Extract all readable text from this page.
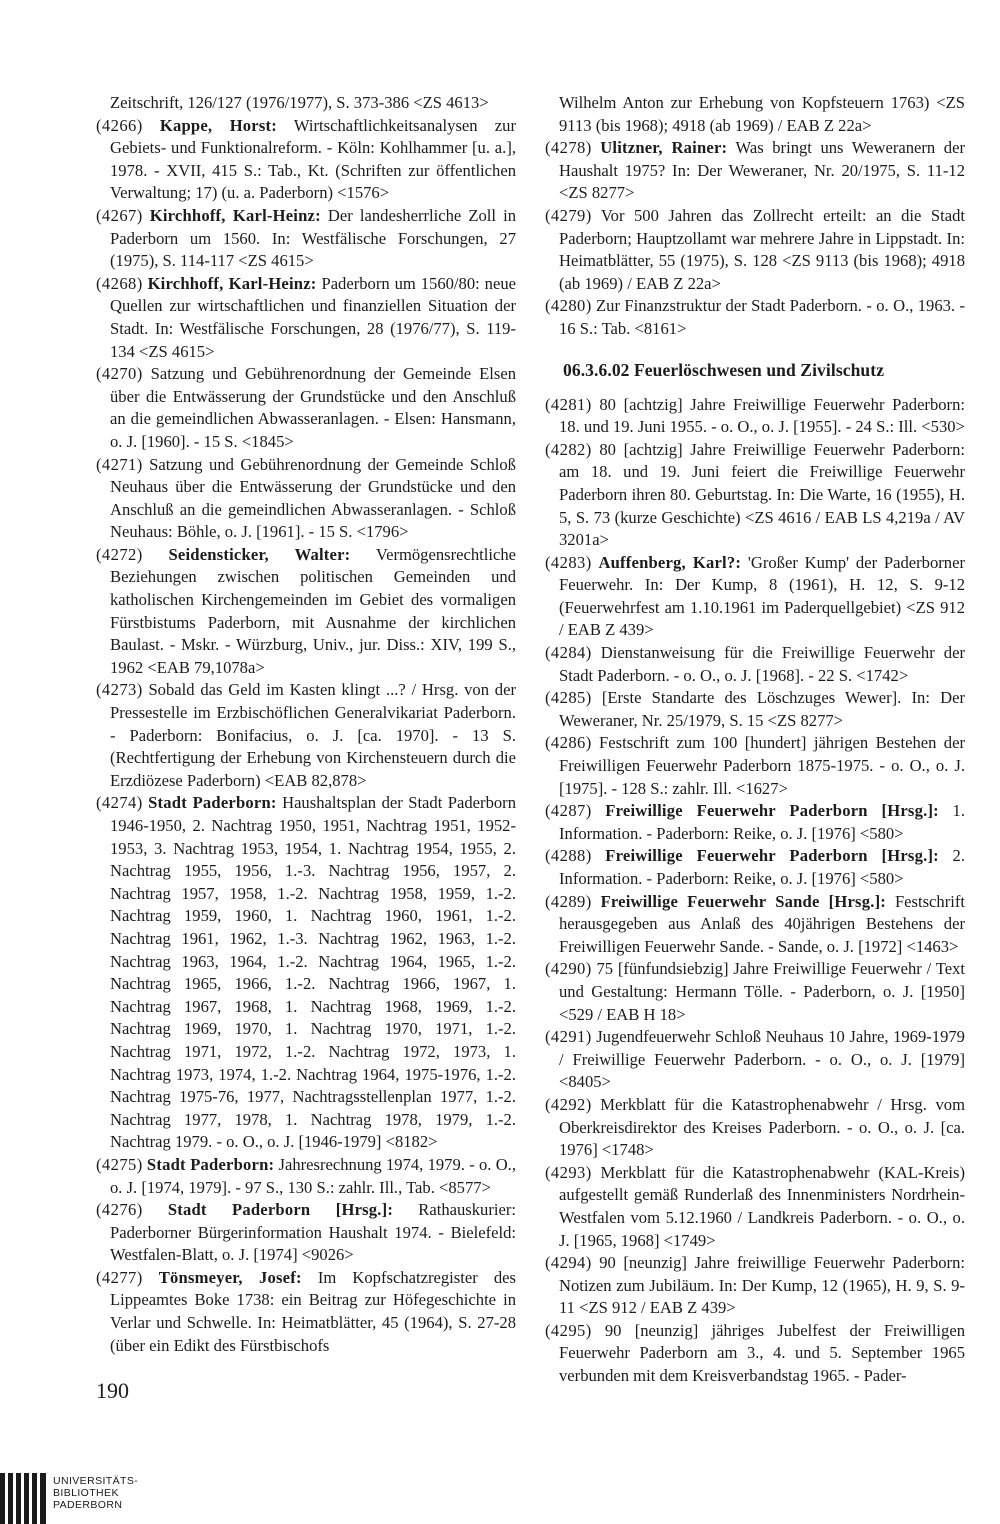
Zeitschrift, 126/127 (1976/1977), S. 373-386 <ZS 4613>

(4266) Kappe, Horst: Wirtschaftlichkeitsanalysen zur Gebiets- und Funktionalreform. - Köln: Kohlhammer [u. a.], 1978. - XVII, 415 S.: Tab., Kt. (Schriften zur öffentlichen Verwaltung; 17) (u. a. Paderborn) <1576>

(4267) Kirchhoff, Karl-Heinz: Der landesherrliche Zoll in Paderborn um 1560. In: Westfälische Forschungen, 27 (1975), S. 114-117 <ZS 4615>

(4268) Kirchhoff, Karl-Heinz: Paderborn um 1560/80: neue Quellen zur wirtschaftlichen und finanziellen Situation der Stadt. In: Westfälische Forschungen, 28 (1976/77), S. 119-134 <ZS 4615>

(4270) Satzung und Gebührenordnung der Gemeinde Elsen über die Entwässerung der Grundstücke und den Anschluß an die gemeindlichen Abwasseranlagen. - Elsen: Hansmann, o. J. [1960]. - 15 S. <1845>

(4271) Satzung und Gebührenordnung der Gemeinde Schloß Neuhaus über die Entwässerung der Grundstücke und den Anschluß an die gemeindlichen Abwasseranlagen. - Schloß Neuhaus: Böhle, o. J. [1961]. - 15 S. <1796>

(4272) Seidensticker, Walter: Vermögensrechtliche Beziehungen zwischen politischen Gemeinden und katholischen Kirchengemeinden im Gebiet des vormaligen Fürstbistums Paderborn, mit Ausnahme der kirchlichen Baulast. - Mskr. - Würzburg, Univ., jur. Diss.: XIV, 199 S., 1962 <EAB 79,1078a>

(4273) Sobald das Geld im Kasten klingt ...? / Hrsg. von der Pressestelle im Erzbischöflichen Generalvikariat Paderborn. - Paderborn: Bonifacius, o. J. [ca. 1970]. - 13 S. (Rechtfertigung der Erhebung von Kirchensteuern durch die Erzdiözese Paderborn) <EAB 82,878>

(4274) Stadt Paderborn: Haushaltsplan der Stadt Paderborn 1946-1950, 2. Nachtrag 1950, 1951, Nachtrag 1951, 1952-1953, 3. Nachtrag 1953, 1954, 1. Nachtrag 1954, 1955, 2. Nachtrag 1955, 1956, 1.-3. Nachtrag 1956, 1957, 2. Nachtrag 1957, 1958, 1.-2. Nachtrag 1958, 1959, 1.-2. Nachtrag 1959, 1960, 1. Nachtrag 1960, 1961, 1.-2. Nachtrag 1961, 1962, 1.-3. Nachtrag 1962, 1963, 1.-2. Nachtrag 1963, 1964, 1.-2. Nachtrag 1964, 1965, 1.-2. Nachtrag 1965, 1966, 1.-2. Nachtrag 1966, 1967, 1. Nachtrag 1967, 1968, 1. Nachtrag 1968, 1969, 1.-2. Nachtrag 1969, 1970, 1. Nachtrag 1970, 1971, 1.-2. Nachtrag 1971, 1972, 1.-2. Nachtrag 1972, 1973, 1. Nachtrag 1973, 1974, 1.-2. Nachtrag 1964, 1975-1976, 1.-2. Nachtrag 1975-76, 1977, Nachtragsstellenplan 1977, 1.-2. Nachtrag 1977, 1978, 1. Nachtrag 1978, 1979, 1.-2. Nachtrag 1979. - o. O., o. J. [1946-1979] <8182>

(4275) Stadt Paderborn: Jahresrechnung 1974, 1979. - o. O., o. J. [1974, 1979]. - 97 S., 130 S.: zahlr. Ill., Tab. <8577>

(4276) Stadt Paderborn [Hrsg.]: Rathauskurier: Paderborner Bürgerinformation Haushalt 1974. - Bielefeld: Westfalen-Blatt, o. J. [1974] <9026>

(4277) Tönsmeyer, Josef: Im Kopfschatzregister des Lippeamtes Boke 1738: ein Beitrag zur Höfegeschichte in Verlar und Schwelle. In: Heimatblätter, 45 (1964), S. 27-28 (über ein Edikt des Fürstbischofs

Wilhelm Anton zur Erhebung von Kopfsteuern 1763) <ZS 9113 (bis 1968); 4918 (ab 1969) / EAB Z 22a>

(4278) Ulitzner, Rainer: Was bringt uns Weweranern der Haushalt 1975? In: Der Weweraner, Nr. 20/1975, S. 11-12 <ZS 8277>

(4279) Vor 500 Jahren das Zollrecht erteilt: an die Stadt Paderborn; Hauptzollamt war mehrere Jahre in Lippstadt. In: Heimatblätter, 55 (1975), S. 128 <ZS 9113 (bis 1968); 4918 (ab 1969) / EAB Z 22a>

(4280) Zur Finanzstruktur der Stadt Paderborn. - o. O., 1963. - 16 S.: Tab. <8161>

06.3.6.02 Feuerlöschwesen und Zivilschutz

(4281) 80 [achtzig] Jahre Freiwillige Feuerwehr Paderborn: 18. und 19. Juni 1955. - o. O., o. J. [1955]. - 24 S.: Ill. <530>

(4282) 80 [achtzig] Jahre Freiwillige Feuerwehr Paderborn: am 18. und 19. Juni feiert die Freiwillige Feuerwehr Paderborn ihren 80. Geburtstag. In: Die Warte, 16 (1955), H. 5, S. 73 (kurze Geschichte) <ZS 4616 / EAB LS 4,219a / AV 3201a>

(4283) Auffenberg, Karl?: 'Großer Kump' der Paderborner Feuerwehr. In: Der Kump, 8 (1961), H. 12, S. 9-12 (Feuerwehrfest am 1.10.1961 im Paderquellgebiet) <ZS 912 / EAB Z 439>

(4284) Dienstanweisung für die Freiwillige Feuerwehr der Stadt Paderborn. - o. O., o. J. [1968]. - 22 S. <1742>

(4285) [Erste Standarte des Löschzuges Wewer]. In: Der Weweraner, Nr. 25/1979, S. 15 <ZS 8277>

(4286) Festschrift zum 100 [hundert] jährigen Bestehen der Freiwilligen Feuerwehr Paderborn 1875-1975. - o. O., o. J. [1975]. - 128 S.: zahlr. Ill. <1627>

(4287) Freiwillige Feuerwehr Paderborn [Hrsg.]: 1. Information. - Paderborn: Reike, o. J. [1976] <580>

(4288) Freiwillige Feuerwehr Paderborn [Hrsg.]: 2. Information. - Paderborn: Reike, o. J. [1976] <580>

(4289) Freiwillige Feuerwehr Sande [Hrsg.]: Festschrift herausgegeben aus Anlaß des 40jährigen Bestehens der Freiwilligen Feuerwehr Sande. - Sande, o. J. [1972] <1463>

(4290) 75 [fünfundsiebzig] Jahre Freiwillige Feuerwehr / Text und Gestaltung: Hermann Tölle. - Paderborn, o. J. [1950] <529 / EAB H 18>

(4291) Jugendfeuerwehr Schloß Neuhaus 10 Jahre, 1969-1979 / Freiwillige Feuerwehr Paderborn. - o. O., o. J. [1979] <8405>

(4292) Merkblatt für die Katastrophenabwehr / Hrsg. vom Oberkreisdirektor des Kreises Paderborn. - o. O., o. J. [ca. 1976] <1748>

(4293) Merkblatt für die Katastrophenabwehr (KAL-Kreis) aufgestellt gemäß Runderlaß des Innenministers Nordrhein-Westfalen vom 5.12.1960 / Landkreis Paderborn. - o. O., o. J. [1965, 1968] <1749>

(4294) 90 [neunzig] Jahre freiwillige Feuerwehr Paderborn: Notizen zum Jubiläum. In: Der Kump, 12 (1965), H. 9, S. 9-11 <ZS 912 / EAB Z 439>

(4295) 90 [neunzig] jähriges Jubelfest der Freiwilligen Feuerwehr Paderborn am 3., 4. und 5. September 1965 verbunden mit dem Kreisverbandstag 1965. - Pader-

190
UNIVERSITÄTS-
BIBLIOTHEK
PADERBORN
